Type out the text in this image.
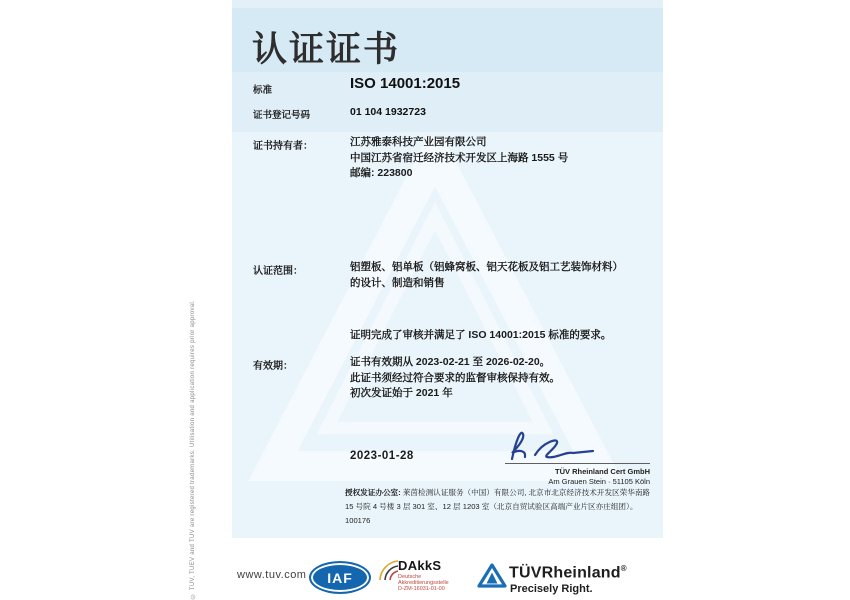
认证证书
标准	ISO 14001:2015
证书登记号码	01 104 1932723
证书持有者：	江苏雅泰科技产业园有限公司
中国江苏省宿迁经济技术开发区上海路 1555 号
邮编: 223800
认证范围：	铝塑板、铝单板（铝蜂窝板、铝天花板及铝工艺装饰材料）
的设计、制造和销售
证明完成了审核并满足了 ISO 14001:2015 标准的要求。
有效期：	证书有效期从 2023-02-21 至 2026-02-20。
此证书须经过符合要求的监督审核保持有效。
初次发证始于 2021 年
2023-01-28
TÜV Rheinland Cert GmbH
Am Grauen Stein · 51105 Köln
授权发证办公室: 莱茵检测认证服务（中国）有限公司, 北京市北京经济技术开发区荣华南路
15 号院 4 号楼 3 层 301 室、12 层 1203 室（北京自贸试验区高端产业片区亦庄组团）。
100176
www.tuv.com IAF
DAkkS
Deutsche
Akkreditierungsstelle
D-ZM-16031-01-00
TÜVRheinland®
Precisely Right.
© TÜV, TUEV and TUV are registered trademarks. Utilisation and application requires prior approval.
